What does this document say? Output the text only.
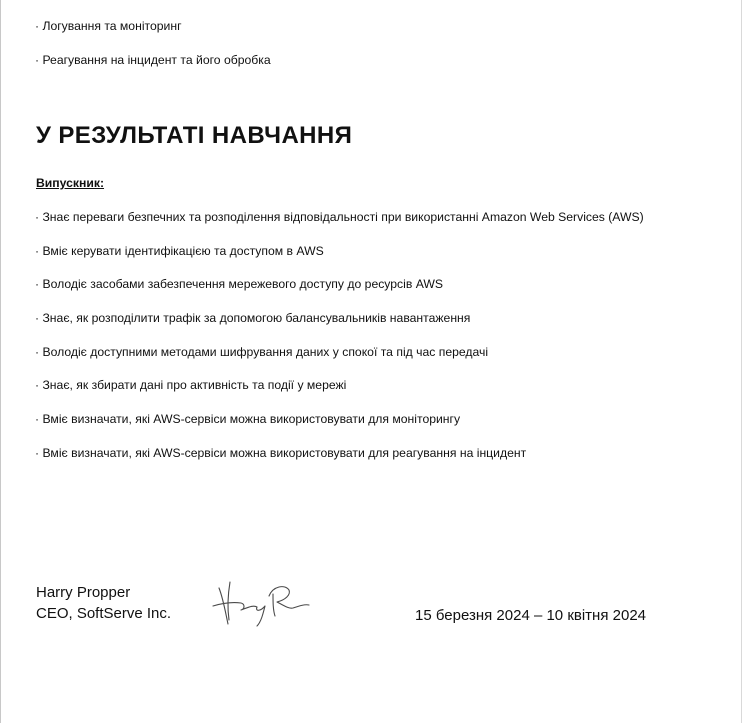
· Логування та моніторинг
· Реагування на інцидент та його обробка
У РЕЗУЛЬТАТІ НАВЧАННЯ
Випускник:
· Знає переваги безпечних та розподілення відповідальності при використанні Amazon Web Services (AWS)
· Вміє керувати ідентифікацією та доступом в AWS
· Володіє засобами забезпечення мережевого доступу до ресурсів AWS
· Знає, як розподілити трафік за допомогою балансувальників навантаження
· Володіє доступними методами шифрування даних у спокої та під час передачі
· Знає, як збирати дані про активність та події у мережі
· Вміє визначати, які AWS-сервіси можна використовувати для моніторингу
· Вміє визначати, які AWS-сервіси можна використовувати для реагування на інцидент
Harry Propper
CEO, SoftServe Inc.	15 березня 2024 – 10 квітня 2024
